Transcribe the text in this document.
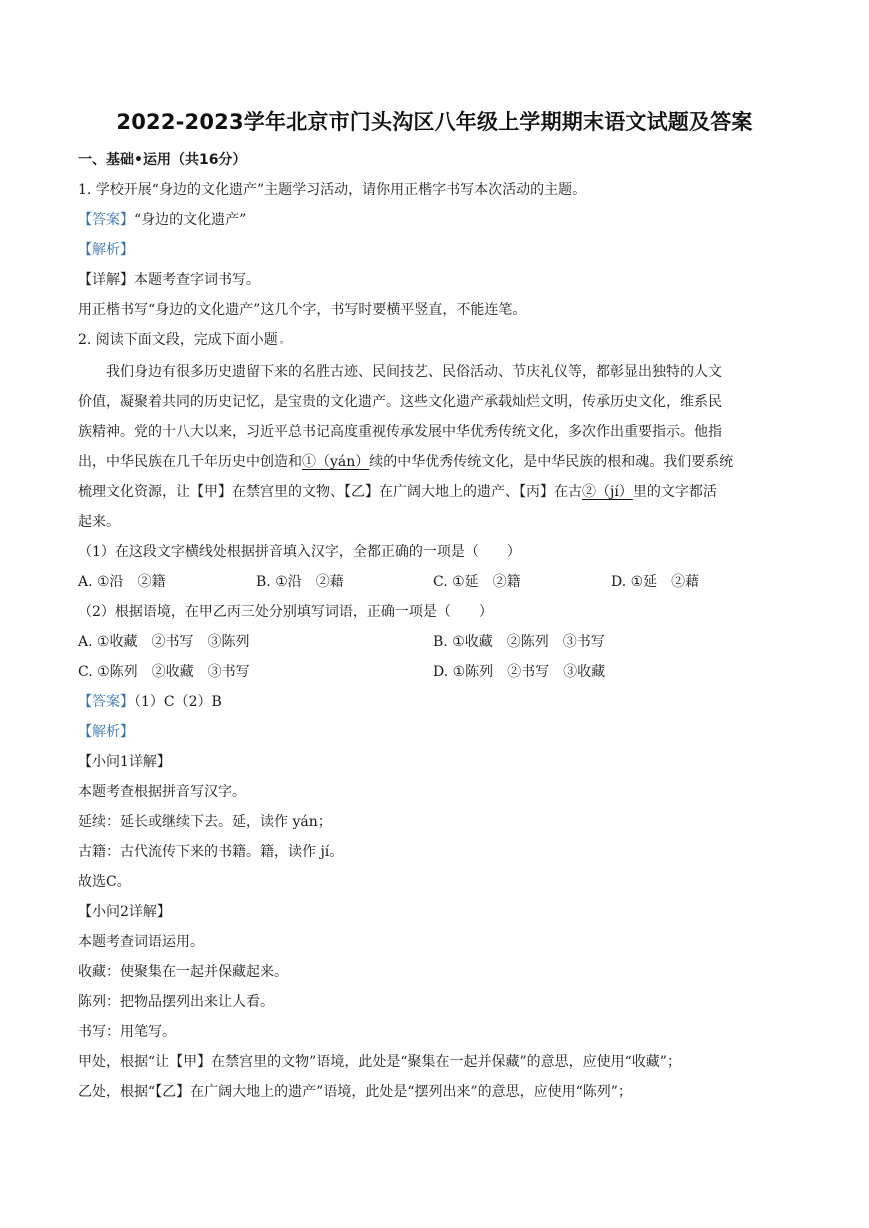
2022-2023学年北京市门头沟区八年级上学期期末语文试题及答案
一、基础•运用（共16分）
1. 学校开展“身边的文化遗产”主题学习活动，请你用正楷字书写本次活动的主题。
【答案】“身边的文化遗产”
【解析】
【详解】本题考查字词书写。
用正楷书写“身边的文化遗产”这几个字，书写时要横平竖直，不能连笔。
2. 阅读下面文段，完成下面小题 。
我们身边有很多历史遗留下来的名胜古迹、民间技艺、民俗活动、节庆礼仪等，都彰显出独特的人文
价值，凝聚着共同的历史记忆，是宝贵的文化遗产。这些文化遗产承载灿烂文明，传承历史文化，维系民
族精神。党的十八大以来，习近平总书记高度重视传承发展中华优秀传统文化，多次作出重要指示。他指
出，中华民族在几千年历史中创造和①（yán）续的中华优秀传统文化，是中华民族的根和魂。我们要系统
梳理文化资源，让【甲】在禁宫里的文物、【乙】在广阔大地上的遗产、【丙】在古②（jí）里的文字都活
起来。
（1）在这段文字横线处根据拼音填入汉字，全都正确的一项是（　　）
A. ①沿　②籍	B. ①沿　②藉	C. ①延　②籍	D. ①延　②藉
（2）根据语境，在甲乙丙三处分别填写词语，正确一项是（　　）
A. ①收藏　②书写　③陈列	B. ①收藏　②陈列　③书写
C. ①陈列　②收藏　③书写	D. ①陈列　②书写　③收藏
【答案】（1）C（2）B
【解析】
【小问1详解】
本题考查根据拼音写汉字。
延续：延长或继续下去。延，读作 yán；
古籍：古代流传下来的书籍。籍，读作 jí。
故选C。
【小问2详解】
本题考查词语运用。
收藏：使聚集在一起并保藏起来。
陈列：把物品摆列出来让人看。
书写：用笔写。
甲处，根据“让【甲】在禁宫里的文物”语境，此处是“聚集在一起并保藏”的意思，应使用“收藏”；
乙处，根据“【乙】在广阔大地上的遗产”语境，此处是“摆列出来”的意思，应使用“陈列”；
